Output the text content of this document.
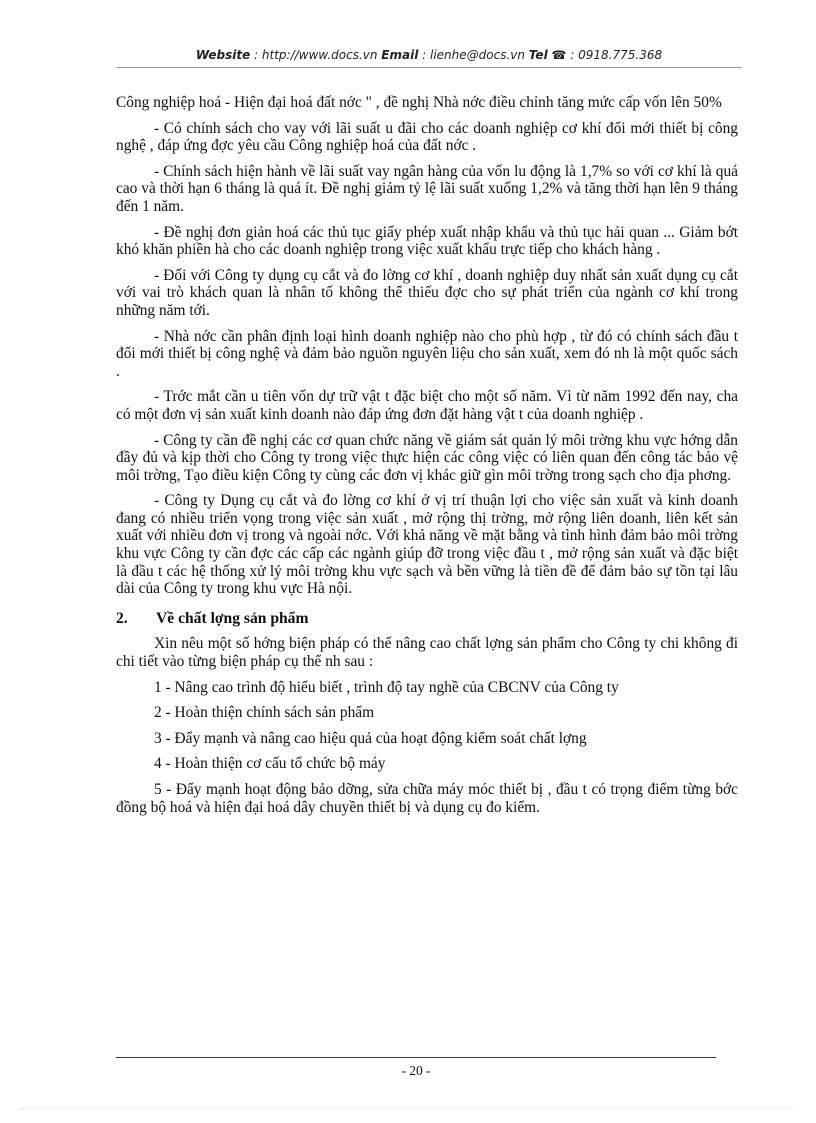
Website : http://www.docs.vn Email : lienhe@docs.vn Tel ☎ : 0918.775.368

Công nghiệp hoá - Hiện đại hoá đất nớc " , đề nghị Nhà nớc điều chỉnh tăng mức cấp vốn lên 50%

- Có chính sách cho vay với lãi suất u đãi cho các doanh nghiệp cơ khí đổi mới thiết bị công nghệ , đáp ứng đợc yêu cầu Công nghiệp hoá của đất nớc .

- Chính sách hiện hành về lãi suất vay ngân hàng của vốn lu động là 1,7% so với cơ khí là quá cao và thời hạn 6 tháng là quá ít. Đề nghị giảm tỷ lệ lãi suất xuống 1,2% và tăng thời hạn lên 9 tháng đến 1 năm.

- Đề nghị đơn giản hoá các thủ tục giấy phép xuất nhập khẩu và thủ tục hải quan ... Giảm bớt khó khăn phiền hà cho các doanh nghiệp trong việc xuất khẩu trực tiếp cho khách hàng .

- Đối với Công ty dụng cụ cắt và đo lờng cơ khí , doanh nghiệp duy nhất sản xuất dụng cụ cắt với vai trò khách quan là nhân tố không thể thiếu đợc cho sự phát triển của ngành cơ khí trong những năm tới.

- Nhà nớc cần phân định loại hình doanh nghiệp nào cho phù hợp , từ đó có chính sách đầu t đổi mới thiết bị công nghệ và đảm bảo nguồn nguyên liệu cho sản xuất, xem đó nh là một quốc sách .

- Trớc mắt cần u tiên vốn dự trữ vật t đặc biệt cho một số năm. Vì từ năm 1992 đến nay, cha có một đơn vị sản xuất kinh doanh nào đáp ứng đơn đặt hàng vật t của doanh nghiệp .

- Công ty cần đề nghị các cơ quan chức năng về giám sát quản lý môi trờng khu vực hớng dẫn đầy đủ và kịp thời cho Công ty trong việc thực hiện các công việc có liên quan đến công tác bảo vệ môi trờng, Tạo điều kiện Công ty cùng các đơn vị khác giữ gìn môi trờng trong sạch cho địa phơng.

- Công ty Dụng cụ cắt và đo lờng cơ khí ở vị trí thuận lợi cho việc sản xuất và kinh doanh đang có nhiều triển vọng trong việc sản xuất , mở rộng thị trờng, mở rộng liên doanh, liên kết sản xuất với nhiều đơn vị trong và ngoài nớc. Với khả năng về mặt bằng và tình hình đảm bảo môi trờng khu vực Công ty cần đợc các cấp các ngành giúp đỡ trong việc đầu t , mở rộng sản xuất và đặc biệt là đầu t các hệ thống xử lý môi trờng khu vực sạch và bền vững là tiền đề để đảm bảo sự tồn tại lâu dài của Công ty trong khu vực Hà nội.

2. Về chất lợng sản phẩm

Xin nêu một số hớng biện pháp có thể nâng cao chất lợng sản phẩm cho Công ty chi không đi chi tiết vào từng biện pháp cụ thể nh sau :

1 - Nâng cao trình độ hiểu biết , trình độ tay nghề của CBCNV của Công ty

2 - Hoàn thiện chính sách sản phẩm

3 - Đẩy mạnh và nâng cao hiệu quả của hoạt động kiểm soát chất lợng

4 - Hoàn thiện cơ cấu tổ chức bộ máy

5 - Đẩy mạnh hoạt động bảo dỡng, sửa chữa máy móc thiết bị , đầu t có trọng điểm từng bớc đồng bộ hoá và hiện đại hoá dây chuyền thiết bị và dụng cụ đo kiểm.

- 20 -
